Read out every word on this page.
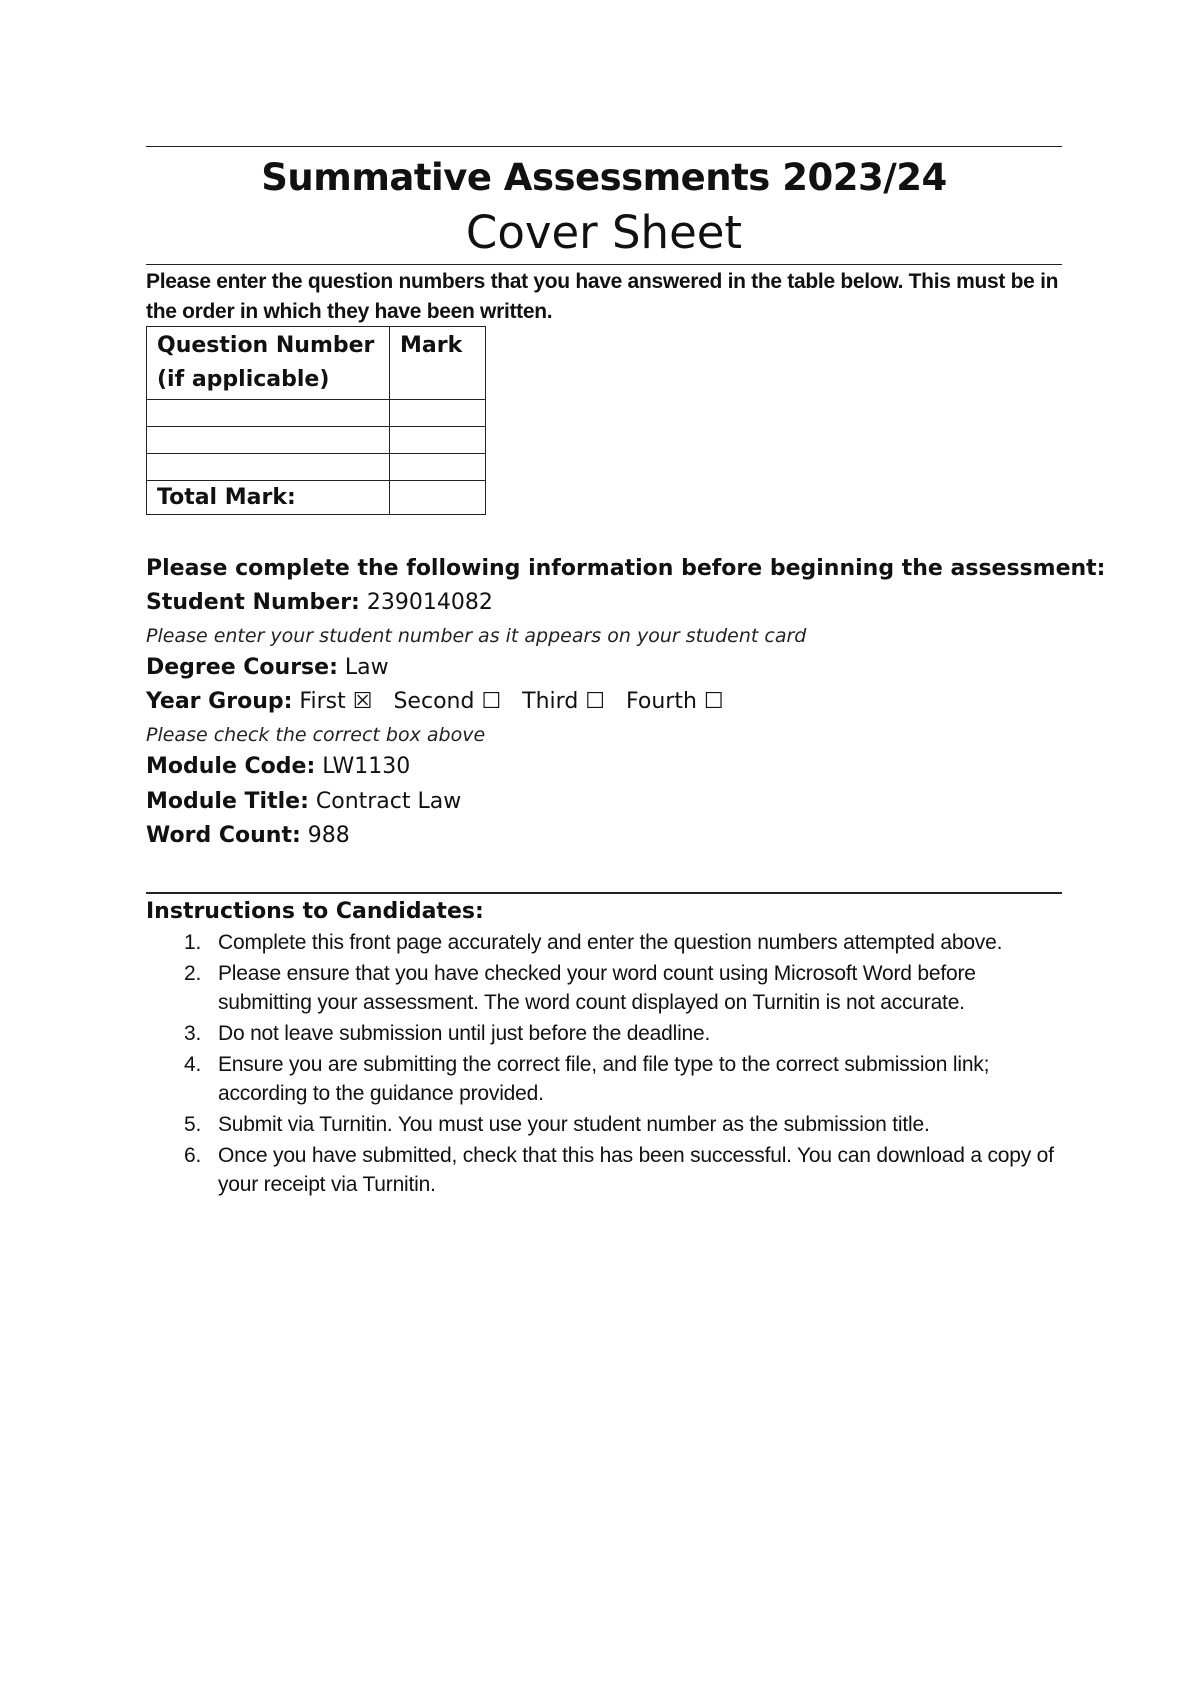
Summative Assessments 2023/24
Cover Sheet
Please enter the question numbers that you have answered in the table below. This must be in the order in which they have been written.
Question Number
(if applicable)	Mark

Total Mark:	
Please complete the following information before beginning the assessment:
Student Number: 239014082
Please enter your student number as it appears on your student card
Degree Course: Law
Year Group: First ☒ Second ☐ Third ☐ Fourth ☐
Please check the correct box above
Module Code: LW1130
Module Title: Contract Law
Word Count: 988
Instructions to Candidates:
1. Complete this front page accurately and enter the question numbers attempted above.
2. Please ensure that you have checked your word count using Microsoft Word before submitting your assessment. The word count displayed on Turnitin is not accurate.
3. Do not leave submission until just before the deadline.
4. Ensure you are submitting the correct file, and file type to the correct submission link; according to the guidance provided.
5. Submit via Turnitin. You must use your student number as the submission title.
6. Once you have submitted, check that this has been successful. You can download a copy of your receipt via Turnitin.
